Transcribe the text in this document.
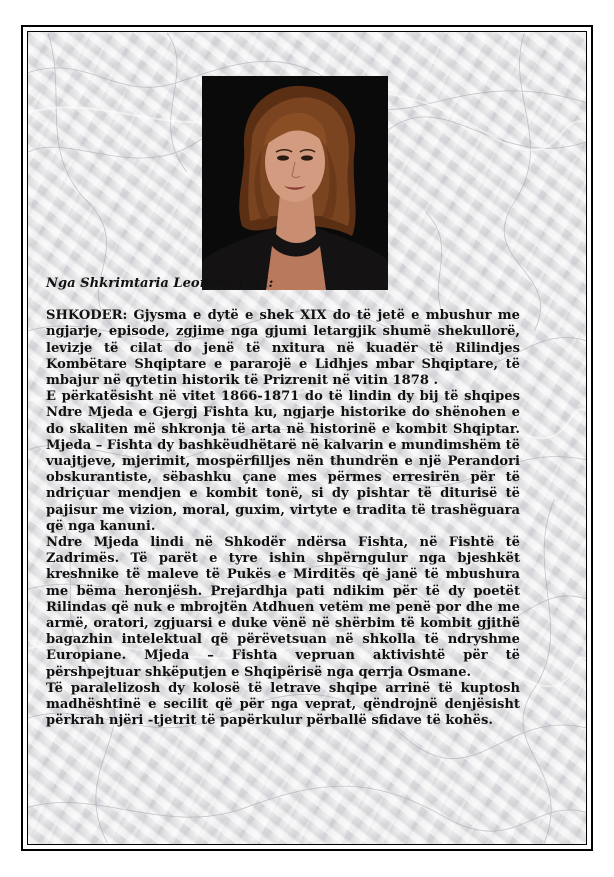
Nga Shkrimtaria Leonora Laçi:

SHKODER: Gjysma e dytë e shek XIX do të jetë e mbushur me ngjarje, episode, zgjime nga gjumi letargjik shumë shekullorë, levizje të cilat do jenë të nxitura në kuadër të Rilindjes Kombëtare Shqiptare e pararojë e Lidhjes mbar Shqiptare, të mbajur në qytetin historik të Prizrenit në vitin 1878 .

E përkatësisht në vitet 1866-1871 do të lindin dy bij të shqipes Ndre Mjeda e Gjergj Fishta ku, ngjarje historike do shënohen e do skaliten më shkronja të arta në historinë e kombit Shqiptar. Mjeda – Fishta dy bashkëudhëtarë në kalvarin e mundimshëm të vuajtjeve, mjerimit, mospërfilljes nën thundrën e një Perandori obskurantiste, sëbashku çane mes përmes erresirën për të ndriçuar mendjen e kombit tonë, si dy pishtar të diturisë të pajisur me vizion, moral, guxim, virtyte e tradita të trashëguara që nga kanuni.

Ndre Mjeda lindi në Shkodër ndërsa Fishta, në Fishtë të Zadrimës. Të parët e tyre ishin shpërngulur nga bjeshkët kreshnike të maleve të Pukës e Mirditës që janë të mbushura me bëma heronjësh. Prejardhja pati ndikim për të dy poetët Rilindas që nuk e mbrojtën Atdhuen vetëm me penë por dhe me armë, oratori, zgjuarsi e duke vënë në shërbim të kombit gjithë bagazhin intelektual që përëvetsuan në shkolla të ndryshme Europiane. Mjeda – Fishta vepruan aktivishtë për të përshpejtuar shkëputjen e Shqipërisë nga qerrja Osmane.

Të paralelizosh dy kolosë të letrave shqipe arrinë të kuptosh madhështinë e secilit që për nga veprat, qëndrojnë denjësisht përkrah njëri -tjetrit të papërkulur përballë sfidave të kohës.
